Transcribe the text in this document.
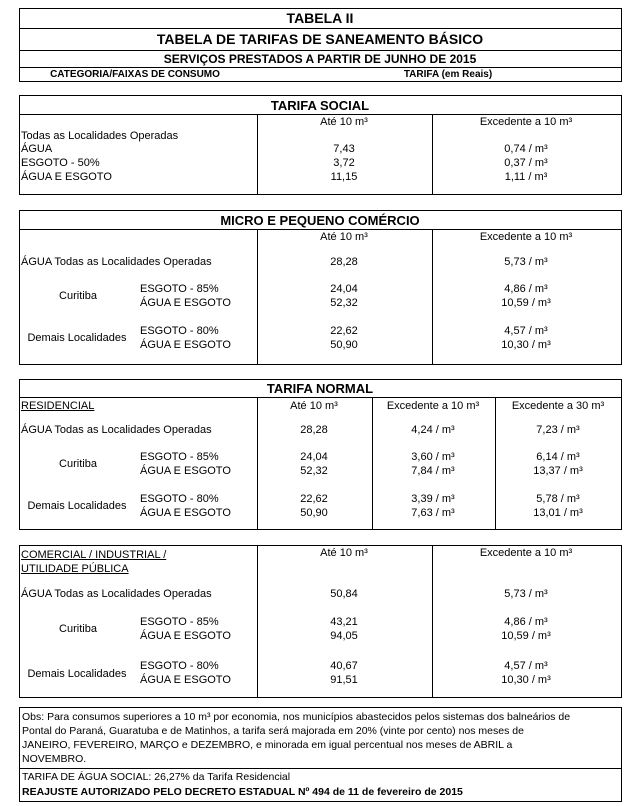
TABELA II
TABELA DE TARIFAS DE SANEAMENTO BÁSICO
SERVIÇOS PRESTADOS A PARTIR DE JUNHO DE 2015
CATEGORIA/FAIXAS DE CONSUMO	TARIFA (em Reais)
TARIFA SOCIAL
Até 10 m³	Excedente a 10 m³
Todas as Localidades Operadas
ÁGUA	7,43	0,74 / m³
ESGOTO - 50%	3,72	0,37 / m³
ÁGUA E ESGOTO	11,15	1,11 / m³
MICRO E PEQUENO COMÉRCIO
Até 10 m³	Excedente a 10 m³
ÁGUA Todas as Localidades Operadas	28,28	5,73 / m³
Curitiba
ESGOTO - 85%	24,04	4,86 / m³
ÁGUA E ESGOTO	52,32	10,59 / m³
Demais Localidades
ESGOTO - 80%	22,62	4,57 / m³
ÁGUA E ESGOTO	50,90	10,30 / m³
TARIFA NORMAL
RESIDENCIAL	Até 10 m³	Excedente a 10 m³	Excedente a 30 m³
ÁGUA Todas as Localidades Operadas	28,28	4,24 / m³	7,23 / m³
Curitiba
ESGOTO - 85%	24,04	3,60 / m³	6,14 / m³
ÁGUA E ESGOTO	52,32	7,84 / m³	13,37 / m³
Demais Localidades
ESGOTO - 80%	22,62	3,39 / m³	5,78 / m³
ÁGUA E ESGOTO	50,90	7,63 / m³	13,01 / m³
COMERCIAL / INDUSTRIAL /
UTILIDADE PÚBLICA
Até 10 m³	Excedente a 10 m³
ÁGUA Todas as Localidades Operadas	50,84	5,73 / m³
Curitiba
ESGOTO - 85%	43,21	4,86 / m³
ÁGUA E ESGOTO	94,05	10,59 / m³
Demais Localidades
ESGOTO - 80%	40,67	4,57 / m³
ÁGUA E ESGOTO	91,51	10,30 / m³
Obs: Para consumos superiores a 10 m³ por economia, nos municípios abastecidos pelos sistemas dos balneários de
Pontal do Paraná, Guaratuba e de Matinhos, a tarifa será majorada em 20% (vinte por cento) nos meses de
JANEIRO, FEVEREIRO, MARÇO e DEZEMBRO, e minorada em igual percentual nos meses de ABRIL a
NOVEMBRO.
TARIFA DE ÁGUA SOCIAL: 26,27% da Tarifa Residencial
REAJUSTE AUTORIZADO PELO DECRETO ESTADUAL Nº 494 de 11 de fevereiro de 2015
